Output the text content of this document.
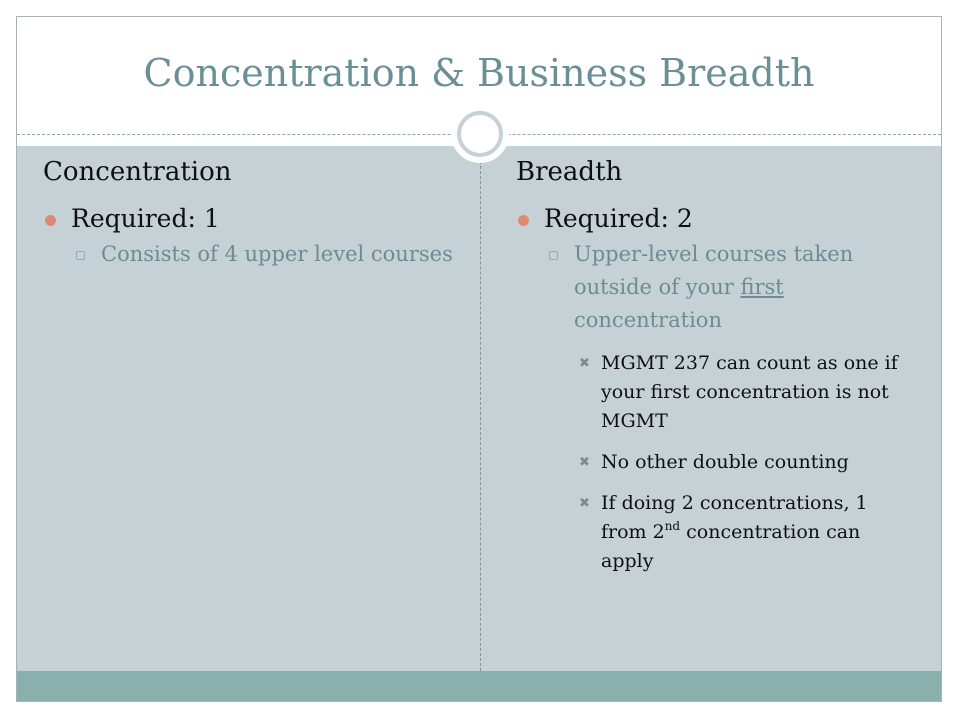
Concentration & Business Breadth
Concentration
Required: 1
Consists of 4 upper level courses
Breadth
Required: 2
Upper-level courses taken outside of your first concentration
✖ MGMT 237 can count as one if your first concentration is not MGMT
✖ No other double counting
✖ If doing 2 concentrations, 1 from 2nd concentration can apply
